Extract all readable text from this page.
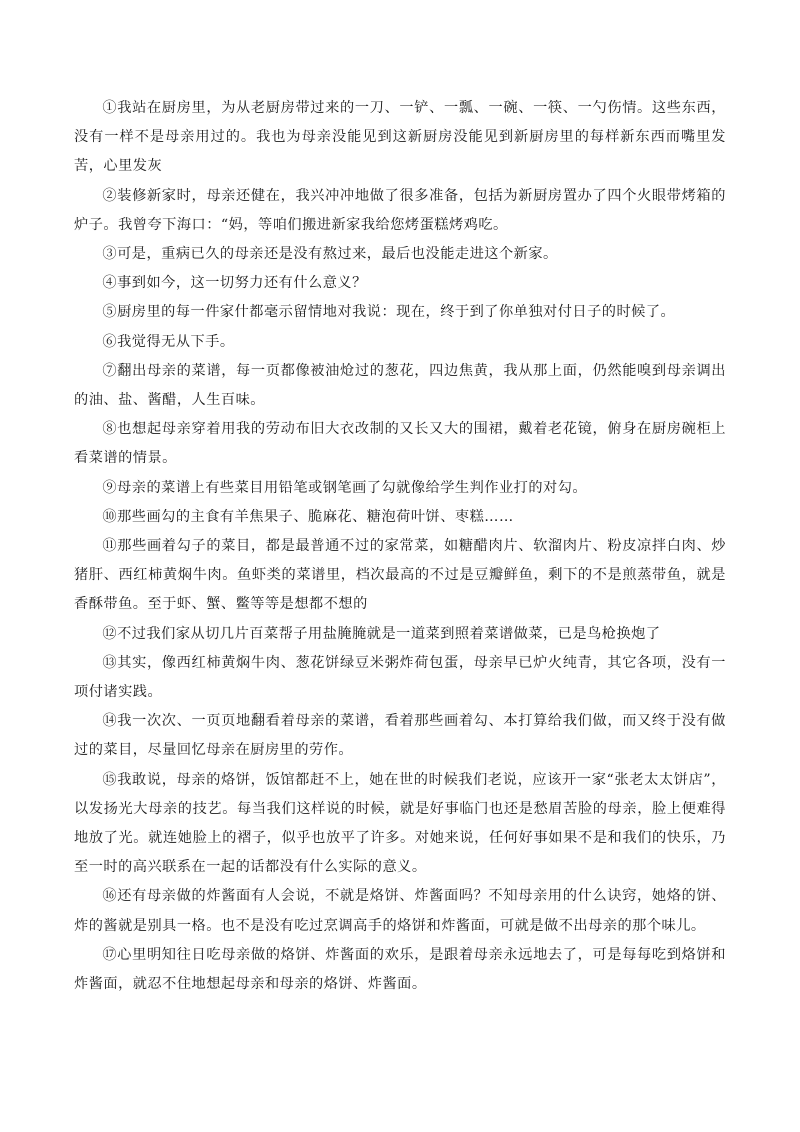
①我站在厨房里，为从老厨房带过来的一刀、一铲、一瓢、一碗、一筷、一勺伤情。这些东西，没有一样不是母亲用过的。我也为母亲没能见到这新厨房没能见到新厨房里的每样新东西而嘴里发苦，心里发灰

②装修新家时，母亲还健在，我兴冲冲地做了很多准备，包括为新厨房置办了四个火眼带烤箱的炉子。我曾夸下海口：“妈，等咱们搬进新家我给您烤蛋糕烤鸡吃。

③可是，重病已久的母亲还是没有熬过来，最后也没能走进这个新家。

④事到如今，这一切努力还有什么意义？

⑤厨房里的每一件家什都毫示留情地对我说：现在，终于到了你单独对付日子的时候了。

⑥我觉得无从下手。

⑦翻出母亲的菜谱，每一页都像被油炝过的葱花，四边焦黄，我从那上面，仍然能嗅到母亲调出的油、盐、酱醋，人生百味。

⑧也想起母亲穿着用我的劳动布旧大衣改制的又长又大的围裙，戴着老花镜，俯身在厨房碗柜上看菜谱的情景。

⑨母亲的菜谱上有些菜目用铅笔或钢笔画了勾就像给学生判作业打的对勾。

⑩那些画勾的主食有羊焦果子、脆麻花、糖泡荷叶饼、枣糕……

⑪那些画着勾子的菜目，都是最普通不过的家常菜，如糖醋肉片、软溜肉片、粉皮凉拌白肉、炒猪肝、西红柿黄焖牛肉。鱼虾类的菜谱里，档次最高的不过是豆瓣鲜鱼，剩下的不是煎蒸带鱼，就是香酥带鱼。至于虾、蟹、鳖等等是想都不想的

⑫不过我们家从切几片百菜帮子用盐腌腌就是一道菜到照着菜谱做菜，已是鸟枪换炮了

⑬其实，像西红柿黄焖牛肉、葱花饼绿豆米粥炸荷包蛋，母亲早已炉火纯青，其它各项，没有一项付诸实践。

⑭我一次次、一页页地翻看着母亲的菜谱，看着那些画着勾、本打算给我们做，而又终于没有做过的菜目，尽量回忆母亲在厨房里的劳作。

⑮我敢说，母亲的烙饼，饭馆都赶不上，她在世的时候我们老说，应该开一家“张老太太饼店”，以发扬光大母亲的技艺。每当我们这样说的时候，就是好事临门也还是愁眉苦脸的母亲，脸上便难得地放了光。就连她脸上的褶子，似乎也放平了许多。对她来说，任何好事如果不是和我们的快乐，乃至一时的高兴联系在一起的话都没有什么实际的意义。

⑯还有母亲做的炸酱面有人会说，不就是烙饼、炸酱面吗？不知母亲用的什么诀窍，她烙的饼、炸的酱就是别具一格。也不是没有吃过烹调高手的烙饼和炸酱面，可就是做不出母亲的那个味儿。

⑰心里明知往日吃母亲做的烙饼、炸酱面的欢乐，是跟着母亲永远地去了，可是每每吃到烙饼和炸酱面，就忍不住地想起母亲和母亲的烙饼、炸酱面。
